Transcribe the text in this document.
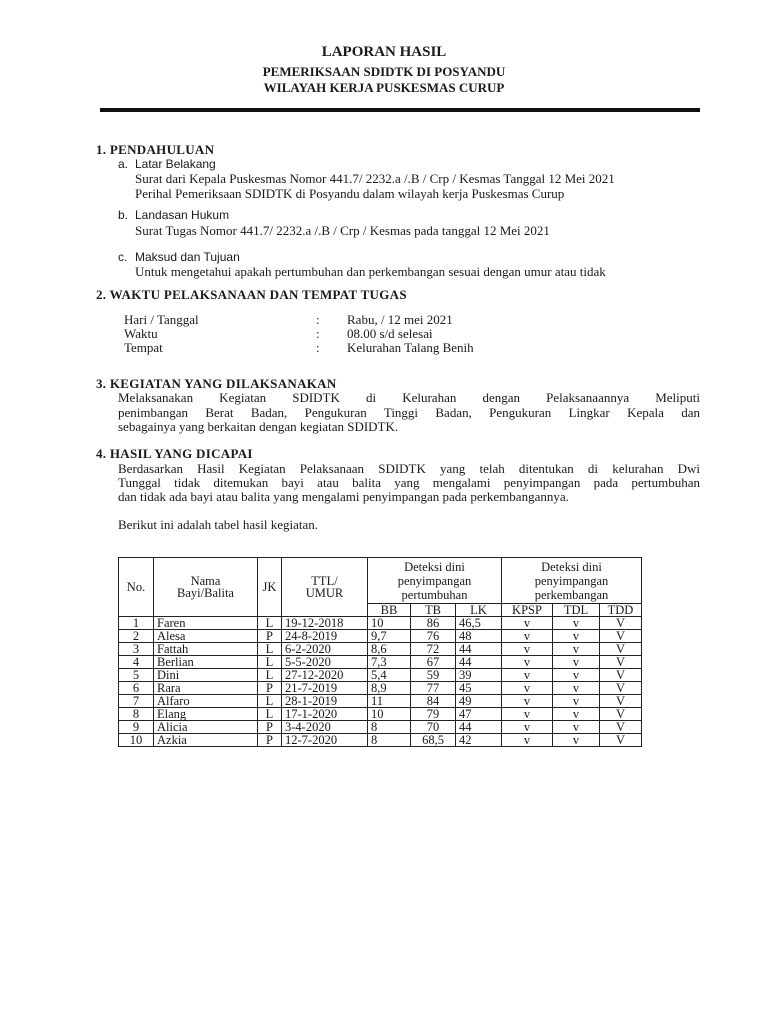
LAPORAN HASIL
PEMERIKSAAN SDIDTK DI POSYANDU
WILAYAH KERJA PUSKESMAS CURUP
1. PENDAHULUAN
a. Latar Belakang
Surat dari Kepala Puskesmas Nomor 441.7/ 2232.a /.B / Crp / Kesmas Tanggal 12 Mei 2021
Perihal Pemeriksaan SDIDTK di Posyandu dalam wilayah kerja Puskesmas Curup
b. Landasan Hukum
Surat Tugas Nomor 441.7/ 2232.a /.B / Crp / Kesmas pada tanggal 12 Mei 2021
c. Maksud dan Tujuan
Untuk mengetahui apakah pertumbuhan dan perkembangan sesuai dengan umur atau tidak
2. WAKTU PELAKSANAAN DAN TEMPAT TUGAS
Hari / Tanggal	: Rabu, / 12 mei 2021
Waktu	: 08.00 s/d selesai
Tempat	: Kelurahan Talang Benih
3. KEGIATAN YANG DILAKSANAKAN
Melaksanakan Kegiatan SDIDTK di Kelurahan dengan Pelaksanaannya Meliputi
penimbangan Berat Badan, Pengukuran Tinggi Badan, Pengukuran Lingkar Kepala dan
sebagainya yang berkaitan dengan kegiatan SDIDTK.
4. HASIL YANG DICAPAI
Berdasarkan Hasil Kegiatan Pelaksanaan SDIDTK yang telah ditentukan di kelurahan Dwi
Tunggal tidak ditemukan bayi atau balita yang mengalami penyimpangan pada pertumbuhan
dan tidak ada bayi atau balita yang mengalami penyimpangan pada perkembangannya.
Berikut ini adalah tabel hasil kegiatan.
No.	Nama Bayi/Balita	JK	TTL/ UMUR	Deteksi dini penyimpangan pertumbuhan			Deteksi dini penyimpangan perkembangan		
				BB	TB	LK	KPSP	TDL	TDD
1	Faren	L	19-12-2018	10	86	46,5	v	v	V
2	Alesa	P	24-8-2019	9,7	76	48	v	v	V
3	Fattah	L	6-2-2020	8,6	72	44	v	v	V
4	Berlian	L	5-5-2020	7,3	67	44	v	v	V
5	Dini	L	27-12-2020	5,4	59	39	v	v	V
6	Rara	P	21-7-2019	8,9	77	45	v	v	V
7	Alfaro	L	28-1-2019	11	84	49	v	v	V
8	Elang	L	17-1-2020	10	79	47	v	v	V
9	Alicia	P	3-4-2020	8	70	44	v	v	V
10	Azkia	P	12-7-2020	8	68,5	42	v	v	V
